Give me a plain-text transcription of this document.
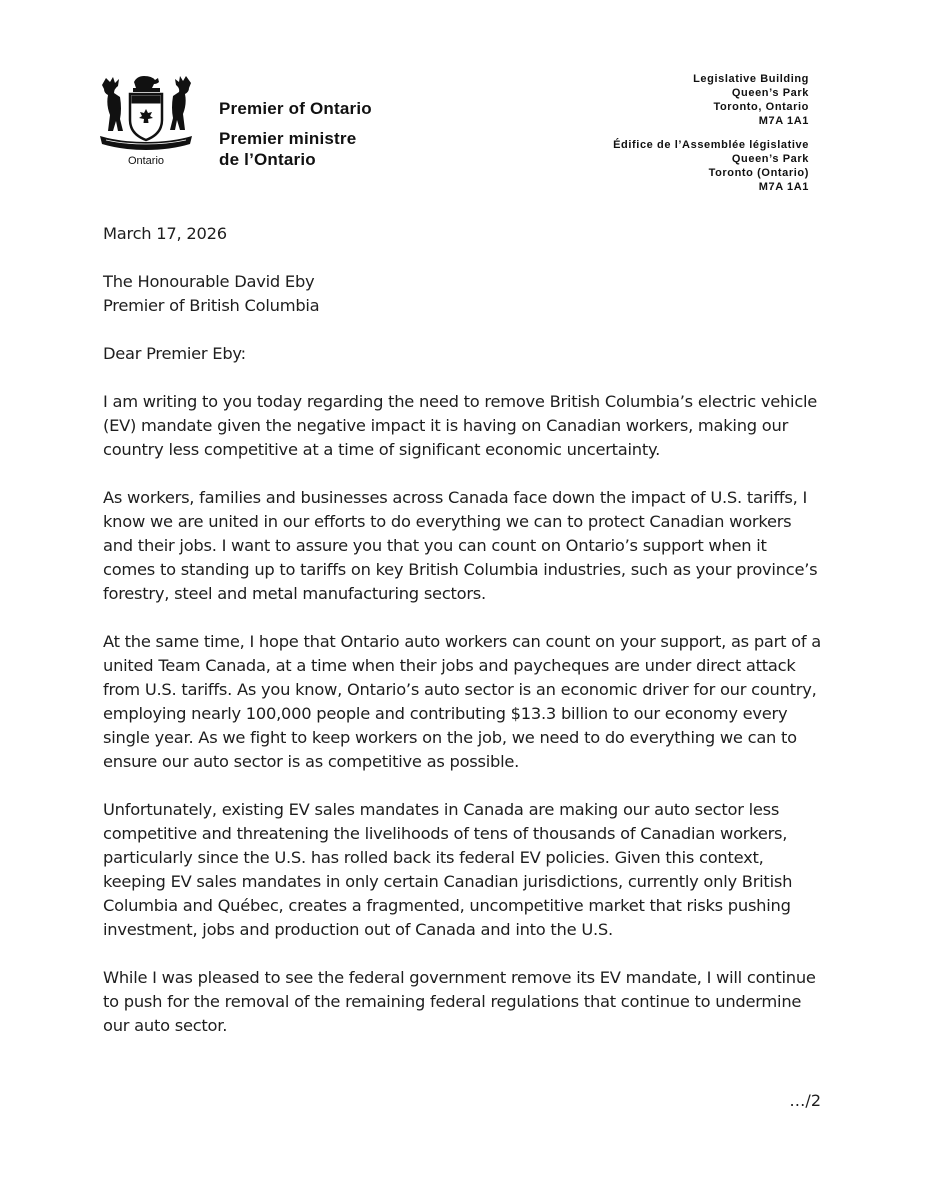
Ontario
Premier of Ontario
Premier ministre
de l’Ontario
Legislative Building
Queen’s Park
Toronto, Ontario
M7A 1A1
Édifice de l’Assemblée législative
Queen’s Park
Toronto (Ontario)
M7A 1A1

March 17, 2026

The Honourable David Eby

Premier of British Columbia

Dear Premier Eby:

I am writing to you today regarding the need to remove British Columbia’s electric vehicle (EV) mandate given the negative impact it is having on Canadian workers, making our country less competitive at a time of significant economic uncertainty.

As workers, families and businesses across Canada face down the impact of U.S. tariffs, I know we are united in our efforts to do everything we can to protect Canadian workers and their jobs. I want to assure you that you can count on Ontario’s support when it comes to standing up to tariffs on key British Columbia industries, such as your province’s forestry, steel and metal manufacturing sectors.

At the same time, I hope that Ontario auto workers can count on your support, as part of a united Team Canada, at a time when their jobs and paycheques are under direct attack from U.S. tariffs. As you know, Ontario’s auto sector is an economic driver for our country, employing nearly 100,000 people and contributing $13.3 billion to our economy every single year. As we fight to keep workers on the job, we need to do everything we can to ensure our auto sector is as competitive as possible.

Unfortunately, existing EV sales mandates in Canada are making our auto sector less competitive and threatening the livelihoods of tens of thousands of Canadian workers, particularly since the U.S. has rolled back its federal EV policies. Given this context, keeping EV sales mandates in only certain Canadian jurisdictions, currently only British Columbia and Québec, creates a fragmented, uncompetitive market that risks pushing investment, jobs and production out of Canada and into the U.S.

While I was pleased to see the federal government remove its EV mandate, I will continue to push for the removal of the remaining federal regulations that continue to undermine our auto sector.

…/2
